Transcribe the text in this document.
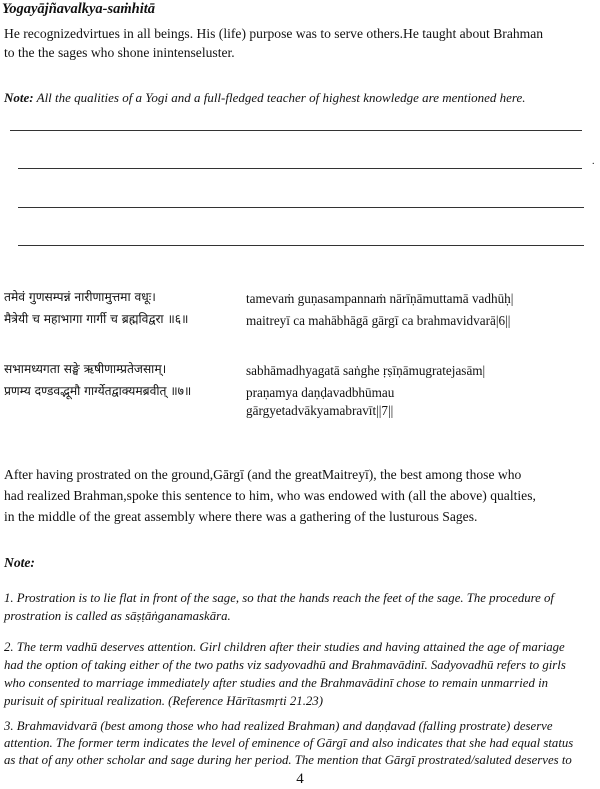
Yogayājñavalkya-saṁhitā
He recognizedvirtues in all beings. His (life) purpose was to serve others.He taught about Brahman
to the the sages who shone inintenseluster.
Note: All the qualities of a Yogi and a full-fledged teacher of highest knowledge are mentioned here.
.
तमेवं गुणसम्पन्नं नारीणामुत्तमा वधूः।
मैत्रेयी च महाभागा गार्गी च ब्रह्मविद्वरा ॥६॥
tamevaṁ guṇasampannaṁ nārīṇāmuttamā vadhūḥ|
maitreyī ca mahābhāgā gārgī ca brahmavidvarā|6||
सभामध्यगता सङ्घे ऋषीणाम्प्रतेजसाम्।
प्रणम्य दण्डवद्भूमौ गार्ग्येतद्वाक्यमब्रवीत् ॥७॥
sabhāmadhyagatā saṅghe ṛṣīṇāmugratejasām|
praṇamya daṇḍavadbhūmau
gārgyetadvākyamabravīt||7||
After having prostrated on the ground,Gārgī (and the greatMaitreyī), the best among those who
had realized Brahman,spoke this sentence to him, who was endowed with (all the above) qualties,
in the middle of the great assembly where there was a gathering of the lusturous Sages.
Note:
1. Prostration is to lie flat in front of the sage, so that the hands reach the feet of the sage. The procedure of
prostration is called as sāṣṭāṅganamaskāra.
2. The term vadhū deserves attention. Girl children after their studies and having attained the age of mariage
had the option of taking either of the two paths viz sadyovadhū and Brahmavādinī. Sadyovadhū refers to girls
who consented to marriage immediately after studies and the Brahmavādinī chose to remain unmarried in
purisuit of spiritual realization. (Reference Hārītasmṛti 21.23)
3. Brahmavidvarā (best among those who had realized Brahman) and daṇḍavad (falling prostrate) deserve
attention. The former term indicates the level of eminence of Gārgī and also indicates that she had equal status
as that of any other scholar and sage during her period. The mention that Gārgī prostrated/saluted deserves to
4
